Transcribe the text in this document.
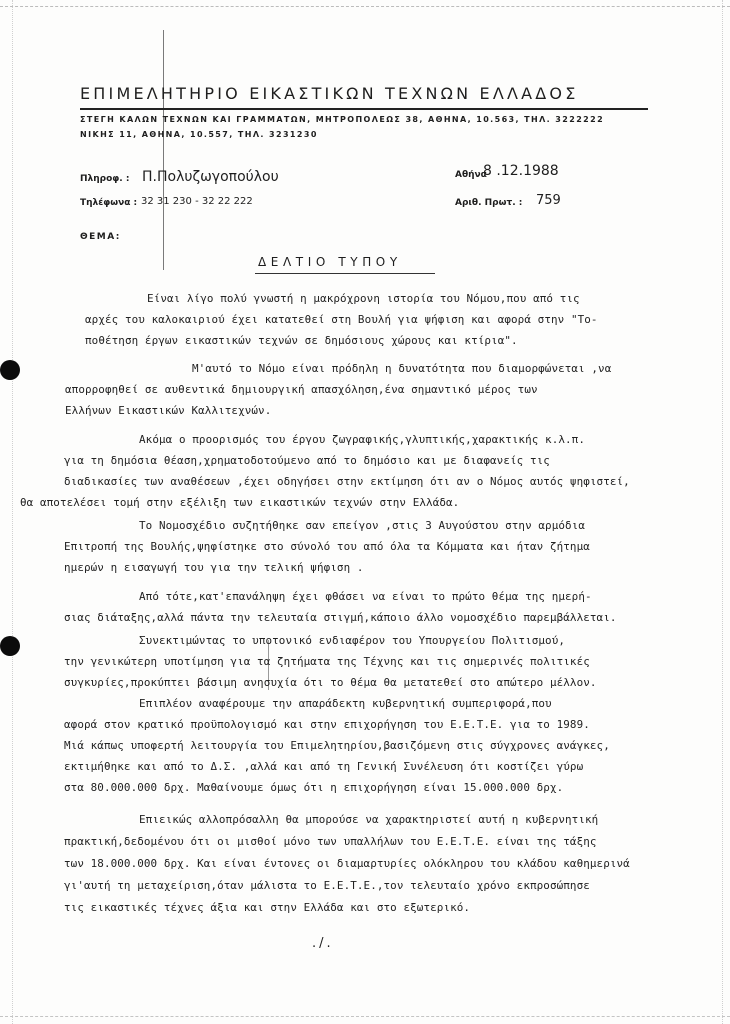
ΕΠΙΜΕΛΗΤΗΡΙΟ ΕΙΚΑΣΤΙΚΩΝ ΤΕΧΝΩΝ ΕΛΛΑΔΟΣ
ΣΤΕΓΗ ΚΑΛΩΝ ΤΕΧΝΩΝ ΚΑΙ ΓΡΑΜΜΑΤΩΝ, ΜΗΤΡΟΠΟΛΕΩΣ 38, ΑΘΗΝΑ, 10.563, ΤΗΛ. 3222222
ΝΙΚΗΣ 11, ΑΘΗΝΑ, 10.557, ΤΗΛ. 3231230
Πληροφ. : Π.Πολυζωγοπούλου
Τηλέφωνα : 32 31 230 - 32 22 222
ΘΕΜΑ:
Αθήνα
8 .12.1988
Αριθ. Πρωτ. : 759
ΔΕΛΤΙΟ ΤΥΠΟΥ
Είναι λίγο πολύ γνωστή η μακρόχρονη ιστορία του Νόμου,που από τις
αρχές του καλοκαιριού έχει κατατεθεί στη Βουλή για ψήφιση και αφορά στην "Το-
ποθέτηση έργων εικαστικών τεχνών σε δημόσιους χώρους και κτίρια".
Μ'αυτό το Νόμο είναι πρόδηλη η δυνατότητα που διαμορφώνεται ,να
απορροφηθεί σε αυθεντικά δημιουργική απασχόληση,ένα σημαντικό μέρος των
Ελλήνων Εικαστικών Καλλιτεχνών.
Ακόμα ο προορισμός του έργου ζωγραφικής,γλυπτικής,χαρακτικής κ.λ.π.
για τη δημόσια θέαση,χρηματοδοτούμενο από το δημόσιο και με διαφανείς τις
διαδικασίες των αναθέσεων ,έχει οδηγήσει στην εκτίμηση ότι αν ο Νόμος αυτός ψηφιστεί,
θα αποτελέσει τομή στην εξέλιξη των εικαστικών τεχνών στην Ελλάδα.
Το Νομοσχέδιο συζητήθηκε σαν επείγον ,στις 3 Αυγούστου στην αρμόδια
Επιτροπή της Βουλής,ψηφίστηκε στο σύνολό του από όλα τα Κόμματα και ήταν ζήτημα
ημερών η εισαγωγή του για την τελική ψήφιση .
Από τότε,κατ'επανάληψη έχει φθάσει να είναι το πρώτο θέμα της ημερή-
σιας διάταξης,αλλά πάντα την τελευταία στιγμή,κάποιο άλλο νομοσχέδιο παρεμβάλλεται.
Συνεκτιμώντας το υποτονικό ενδιαφέρον του Υπουργείου Πολιτισμού,
την γενικώτερη υποτίμηση για τα ζητήματα της Τέχνης και τις σημερινές πολιτικές
συγκυρίες,προκύπτει βάσιμη ανησυχία ότι το θέμα θα μετατεθεί στο απώτερο μέλλον.
Επιπλέον αναφέρουμε την απαράδεκτη κυβερνητική συμπεριφορά,που
αφορά στον κρατικό προϋπολογισμό και στην επιχορήγηση του Ε.Ε.Τ.Ε. για το 1989.
Μιά κάπως υποφερτή λειτουργία του Επιμελητηρίου,βασιζόμενη στις σύγχρονες ανάγκες,
εκτιμήθηκε και από το Δ.Σ. ,αλλά και από τη Γενική Συνέλευση ότι κοστίζει γύρω
στα 80.000.000 δρχ. Μαθαίνουμε όμως ότι η επιχορήγηση είναι 15.000.000 δρχ.
Επιεικώς αλλοπρόσαλλη θα μπορούσε να χαρακτηριστεί αυτή η κυβερνητική
πρακτική,δεδομένου ότι οι μισθοί μόνο των υπαλλήλων του Ε.Ε.Τ.Ε. είναι της τάξης
των 18.000.000 δρχ. Και είναι έντονες οι διαμαρτυρίες ολόκληρου του κλάδου καθημερινά
γι'αυτή τη μεταχείριση,όταν μάλιστα το Ε.Ε.Τ.Ε.,τον τελευταίο χρόνο εκπροσώπησε
τις εικαστικές τέχνες άξια και στην Ελλάδα και στο εξωτερικό.
./.
